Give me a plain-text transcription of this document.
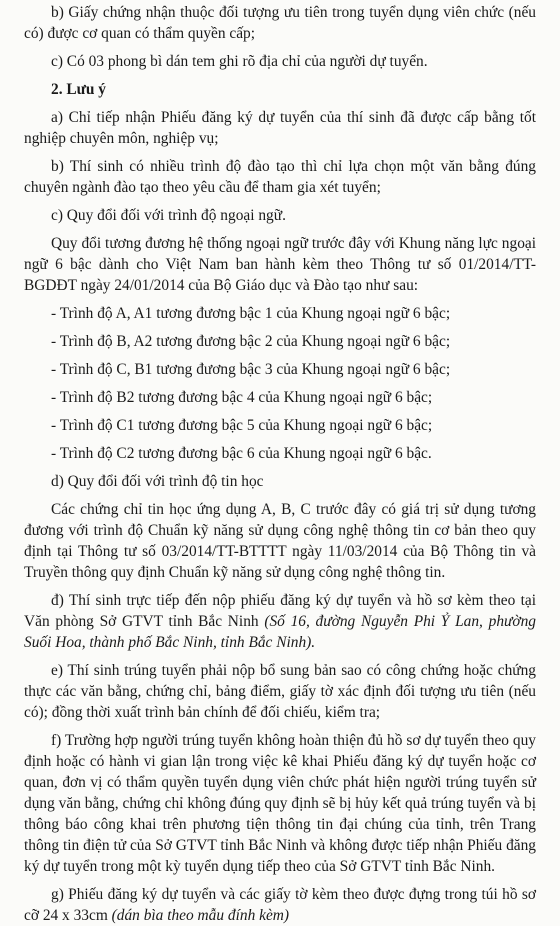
b) Giấy chứng nhận thuộc đối tượng ưu tiên trong tuyển dụng viên chức (nếu có) được cơ quan có thẩm quyền cấp;

c) Có 03 phong bì dán tem ghi rõ địa chỉ của người dự tuyển.

2. Lưu ý

a) Chỉ tiếp nhận Phiếu đăng ký dự tuyển của thí sinh đã được cấp bằng tốt nghiệp chuyên môn, nghiệp vụ;

b) Thí sinh có nhiều trình độ đào tạo thì chỉ lựa chọn một văn bằng đúng chuyên ngành đào tạo theo yêu cầu để tham gia xét tuyển;

c) Quy đổi đối với trình độ ngoại ngữ.

Quy đổi tương đương hệ thống ngoại ngữ trước đây với Khung năng lực ngoại ngữ 6 bậc dành cho Việt Nam ban hành kèm theo Thông tư số 01/2014/TT-BGDĐT ngày 24/01/2014 của Bộ Giáo dục và Đào tạo như sau:

- Trình độ A, A1 tương đương bậc 1 của Khung ngoại ngữ 6 bậc;

- Trình độ B, A2 tương đương bậc 2 của Khung ngoại ngữ 6 bậc;

- Trình độ C, B1 tương đương bậc 3 của Khung ngoại ngữ 6 bậc;

- Trình độ B2 tương đương bậc 4 của Khung ngoại ngữ 6 bậc;

- Trình độ C1 tương đương bậc 5 của Khung ngoại ngữ 6 bậc;

- Trình độ C2 tương đương bậc 6 của Khung ngoại ngữ 6 bậc.

d) Quy đổi đối với trình độ tin học

Các chứng chỉ tin học ứng dụng A, B, C trước đây có giá trị sử dụng tương đương với trình độ Chuẩn kỹ năng sử dụng công nghệ thông tin cơ bản theo quy định tại Thông tư số 03/2014/TT-BTTTT ngày 11/03/2014 của Bộ Thông tin và Truyền thông quy định Chuẩn kỹ năng sử dụng công nghệ thông tin.

đ) Thí sinh trực tiếp đến nộp phiếu đăng ký dự tuyển và hồ sơ kèm theo tại Văn phòng Sở GTVT tỉnh Bắc Ninh (Số 16, đường Nguyễn Phi Ỷ Lan, phường Suối Hoa, thành phố Bắc Ninh, tỉnh Bắc Ninh).

e) Thí sinh trúng tuyển phải nộp bổ sung bản sao có công chứng hoặc chứng thực các văn bằng, chứng chỉ, bảng điểm, giấy tờ xác định đối tượng ưu tiên (nếu có); đồng thời xuất trình bản chính để đối chiếu, kiểm tra;

f) Trường hợp người trúng tuyển không hoàn thiện đủ hồ sơ dự tuyển theo quy định hoặc có hành vi gian lận trong việc kê khai Phiếu đăng ký dự tuyển hoặc cơ quan, đơn vị có thẩm quyền tuyển dụng viên chức phát hiện người trúng tuyển sử dụng văn bằng, chứng chỉ không đúng quy định sẽ bị hủy kết quả trúng tuyển và bị thông báo công khai trên phương tiện thông tin đại chúng của tỉnh, trên Trang thông tin điện tử của Sở GTVT tỉnh Bắc Ninh và không được tiếp nhận Phiếu đăng ký dự tuyển trong một kỳ tuyển dụng tiếp theo của Sở GTVT tỉnh Bắc Ninh.

g) Phiếu đăng ký dự tuyển và các giấy tờ kèm theo được đựng trong túi hồ sơ cỡ 24 x 33cm (dán bìa theo mẫu đính kèm)
